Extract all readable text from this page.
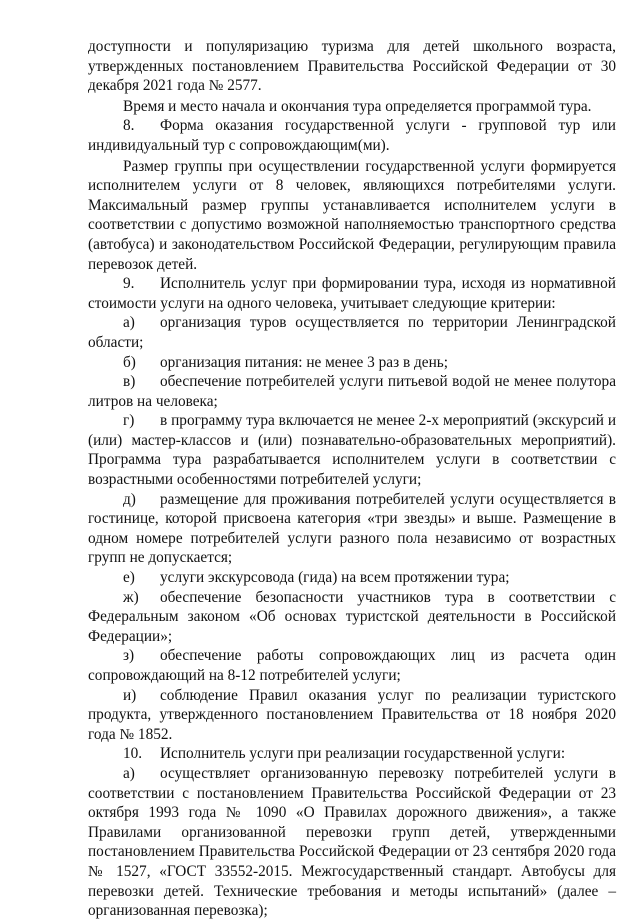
доступности и популяризацию туризма для детей школьного возраста, утвержденных постановлением Правительства Российской Федерации от 30 декабря 2021 года № 2577.

Время и место начала и окончания тура определяется программой тура.

8. Форма оказания государственной услуги - групповой тур или индивидуальный тур с сопровождающим(ми).

Размер группы при осуществлении государственной услуги формируется исполнителем услуги от 8 человек, являющихся потребителями услуги. Максимальный размер группы устанавливается исполнителем услуги в соответствии с допустимо возможной наполняемостью транспортного средства (автобуса) и законодательством Российской Федерации, регулирующим правила перевозок детей.

9. Исполнитель услуг при формировании тура, исходя из нормативной стоимости услуги на одного человека, учитывает следующие критерии:

а) организация туров осуществляется по территории Ленинградской области;

б) организация питания: не менее 3 раз в день;

в) обеспечение потребителей услуги питьевой водой не менее полутора литров на человека;

г) в программу тура включается не менее 2-х мероприятий (экскурсий и (или) мастер-классов и (или) познавательно-образовательных мероприятий). Программа тура разрабатывается исполнителем услуги в соответствии с возрастными особенностями потребителей услуги;

д) размещение для проживания потребителей услуги осуществляется в гостинице, которой присвоена категория «три звезды» и выше. Размещение в одном номере потребителей услуги разного пола независимо от возрастных групп не допускается;

е) услуги экскурсовода (гида) на всем протяжении тура;

ж) обеспечение безопасности участников тура в соответствии с Федеральным законом «Об основах туристской деятельности в Российской Федерации»;

з) обеспечение работы сопровождающих лиц из расчета один сопровождающий на 8-12 потребителей услуги;

и) соблюдение Правил оказания услуг по реализации туристского продукта, утвержденного постановлением Правительства от 18 ноября 2020 года № 1852.

10. Исполнитель услуги при реализации государственной услуги:

а) осуществляет организованную перевозку потребителей услуги в соответствии с постановлением Правительства Российской Федерации от 23 октября 1993 года № 1090 «О Правилах дорожного движения», а также Правилами организованной перевозки групп детей, утвержденными постановлением Правительства Российской Федерации от 23 сентября 2020 года № 1527, «ГОСТ 33552-2015. Межгосударственный стандарт. Автобусы для перевозки детей. Технические требования и методы испытаний» (далее – организованная перевозка);
